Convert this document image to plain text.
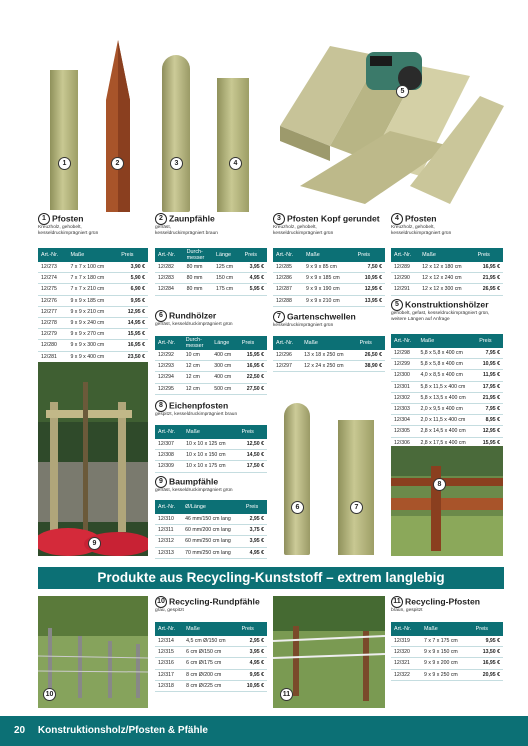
1	2	3	4
5
1 Pfosten
Kreuzholz, gehobelt,
kesseldruckimprägniert grün
2 Zaunpfähle
gefräst,
kesseldruckimprägniert braun
3 Pfosten Kopf gerundet
Kreuzholz, gehobelt,
kesseldruckimprägniert grün
4 Pfosten
Kreuzholz, gehobelt,
kesseldruckimprägniert grün
Art.-Nr.	Maße	Preis
12/273	7 x 7 x 100 cm	3,90 €
12/274	7 x 7 x 180 cm	5,90 €
12/275	7 x 7 x 210 cm	6,90 €
12/276	9 x 9 x 185 cm	9,95 €
12/277	9 x 9 x 210 cm	12,95 €
12/278	9 x 9 x 240 cm	14,95 €
12/279	9 x 9 x 270 cm	15,95 €
12/280	9 x 9 x 300 cm	16,95 €
12/281	9 x 9 x 400 cm	23,50 €
Art.-Nr.	Durch-
messer	Länge	Preis
12/282	80 mm	125 cm	3,95 €
12/283	80 mm	150 cm	4,95 €
12/284	80 mm	175 cm	5,95 €
Art.-Nr.	Maße	Preis
12/285	9 x 9 x 85 cm	7,50 €
12/286	9 x 9 x 185 cm	10,95 €
12/287	9 x 9 x 190 cm	12,95 €
12/288	9 x 9 x 210 cm	13,95 €
Art.-Nr.	Maße	Preis
12/289	12 x 12 x 180 cm	16,95 €
12/290	12 x 12 x 240 cm	21,95 €
12/291	12 x 12 x 300 cm	26,95 €
5 Konstruktionshölzer
gehobelt, gefast, kesseldruckimprägniert grün,
weitere Längen auf Anfrage
Art.-Nr.	Maße	Preis
12/298	5,8 x 5,8 x 400 cm	7,95 €
12/299	5,8 x 5,8 x 400 cm	10,95 €
12/300	4,0 x 8,5 x 400 cm	11,95 €
12/301	5,8 x 11,5 x 400 cm	17,95 €
12/302	5,8 x 13,5 x 400 cm	21,95 €
12/303	2,0 x 9,5 x 400 cm	7,95 €
12/304	2,0 x 11,5 x 400 cm	8,95 €
12/305	2,8 x 14,5 x 400 cm	12,95 €
12/306	2,8 x 17,5 x 400 cm	15,95 €
6 Rundhölzer
gefräst, kesseldruckimprägniert grün
Art.-Nr.	Durch-
messer	Länge	Preis
12/292	10 cm	400 cm	15,95 €
12/293	12 cm	300 cm	16,95 €
12/294	12 cm	400 cm	22,50 €
12/295	12 cm	500 cm	27,50 €
7 Gartenschwellen
kesseldruckimprägniert grün
Art.-Nr.	Maße	Preis
12/296	13 x 18 x 250 cm	26,50 €
12/297	12 x 24 x 250 cm	38,90 €
8 Eichenpfosten
gespitzt, kesseldruckimprägniert braun
Art.-Nr.	Maße	Preis
12/307	10 x 10 x 125 cm	12,50 €
12/308	10 x 10 x 150 cm	14,50 €
12/309	10 x 10 x 175 cm	17,50 €
9 Baumpfähle
gefräst, kesseldruckimprägniert grün
Art.-Nr.	Ø/Länge	Preis
12/310	46 mm/150 cm lang	2,95 €
12/311	60 mm/200 cm lang	3,75 €
12/312	60 mm/250 cm lang	3,95 €
12/313	70 mm/250 cm lang	4,95 €
9
6	7
8
Produkte aus Recycling-Kunststoff – extrem langlebig
10
10 Recycling-Rundpfähle
grau, gespitzt
Art.-Nr.	Maße	Preis
12/314	4,5 cm Ø/150 cm	2,95 €
12/315	6 cm Ø/150 cm	3,95 €
12/316	6 cm Ø/175 cm	4,95 €
12/317	8 cm Ø/200 cm	9,95 €
12/318	8 cm Ø/225 cm	10,95 €
11
11 Recycling-Pfosten
braun, gespitzt
Art.-Nr.	Maße	Preis
12/319	7 x 7 x 175 cm	9,95 €
12/320	9 x 9 x 150 cm	13,50 €
12/321	9 x 9 x 200 cm	16,95 €
12/322	9 x 9 x 250 cm	20,95 €
20 Konstruktionsholz/Pfosten & Pfähle
